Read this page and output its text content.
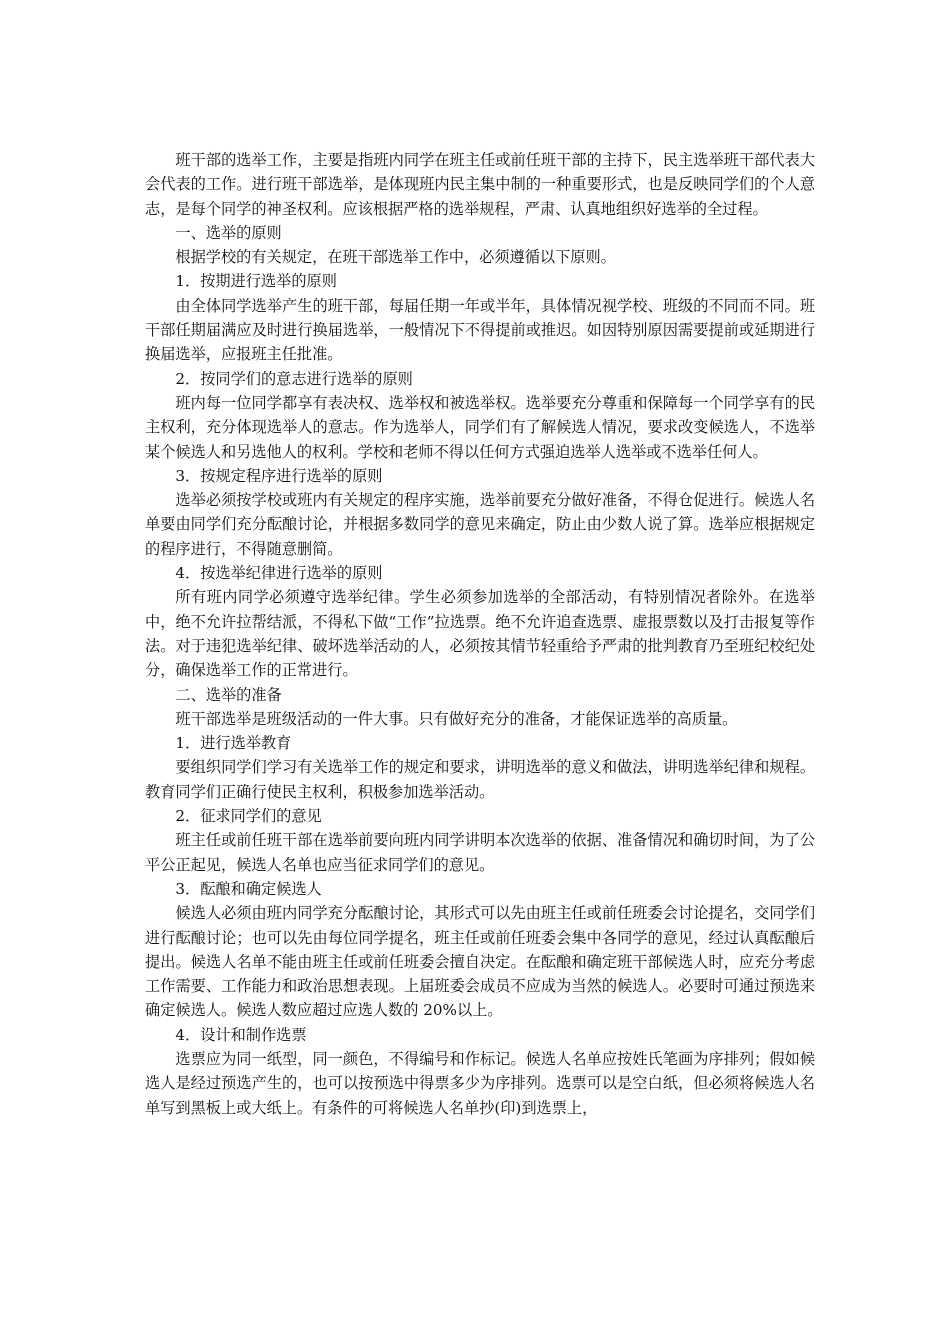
班干部的选举工作，主要是指班内同学在班主任或前任班干部的主持下，民主选举班干部代表大会代表的工作。进行班干部选举，是体现班内民主集中制的一种重要形式，也是反映同学们的个人意志，是每个同学的神圣权利。应该根据严格的选举规程，严肃、认真地组织好选举的全过程。

一、选举的原则

根据学校的有关规定，在班干部选举工作中，必须遵循以下原则。

1．按期进行选举的原则

由全体同学选举产生的班干部，每届任期一年或半年，具体情况视学校、班级的不同而不同。班干部任期届满应及时进行换届选举，一般情况下不得提前或推迟。如因特别原因需要提前或延期进行换届选举，应报班主任批准。

2．按同学们的意志进行选举的原则

班内每一位同学都享有表决权、选举权和被选举权。选举要充分尊重和保障每一个同学享有的民主权利，充分体现选举人的意志。作为选举人，同学们有了解候选人情况，要求改变候选人，不选举某个候选人和另选他人的权利。学校和老师不得以任何方式强迫选举人选举或不选举任何人。

3．按规定程序进行选举的原则

选举必须按学校或班内有关规定的程序实施，选举前要充分做好准备，不得仓促进行。候选人名单要由同学们充分酝酿讨论，并根据多数同学的意见来确定，防止由少数人说了算。选举应根据规定的程序进行，不得随意删简。

4．按选举纪律进行选举的原则

所有班内同学必须遵守选举纪律。学生必须参加选举的全部活动，有特别情况者除外。在选举中，绝不允许拉帮结派，不得私下做“工作”拉选票。绝不允许追查选票、虚报票数以及打击报复等作法。对于违犯选举纪律、破坏选举活动的人，必须按其情节轻重给予严肃的批判教育乃至班纪校纪处分，确保选举工作的正常进行。

二、选举的准备

班干部选举是班级活动的一件大事。只有做好充分的准备，才能保证选举的高质量。

1．进行选举教育

要组织同学们学习有关选举工作的规定和要求，讲明选举的意义和做法，讲明选举纪律和规程。教育同学们正确行使民主权利，积极参加选举活动。

2．征求同学们的意见

班主任或前任班干部在选举前要向班内同学讲明本次选举的依据、准备情况和确切时间，为了公平公正起见，候选人名单也应当征求同学们的意见。

3．酝酿和确定候选人

候选人必须由班内同学充分酝酿讨论，其形式可以先由班主任或前任班委会讨论提名，交同学们进行酝酿讨论；也可以先由每位同学提名，班主任或前任班委会集中各同学的意见，经过认真酝酿后提出。候选人名单不能由班主任或前任班委会擅自决定。在酝酿和确定班干部候选人时，应充分考虑工作需要、工作能力和政治思想表现。上届班委会成员不应成为当然的候选人。必要时可通过预选来确定候选人。候选人数应超过应选人数的 20%以上。

4．设计和制作选票

选票应为同一纸型，同一颜色，不得编号和作标记。候选人名单应按姓氏笔画为序排列；假如候选人是经过预选产生的，也可以按预选中得票多少为序排列。选票可以是空白纸，但必须将候选人名单写到黑板上或大纸上。有条件的可将候选人名单抄(印)到选票上，
